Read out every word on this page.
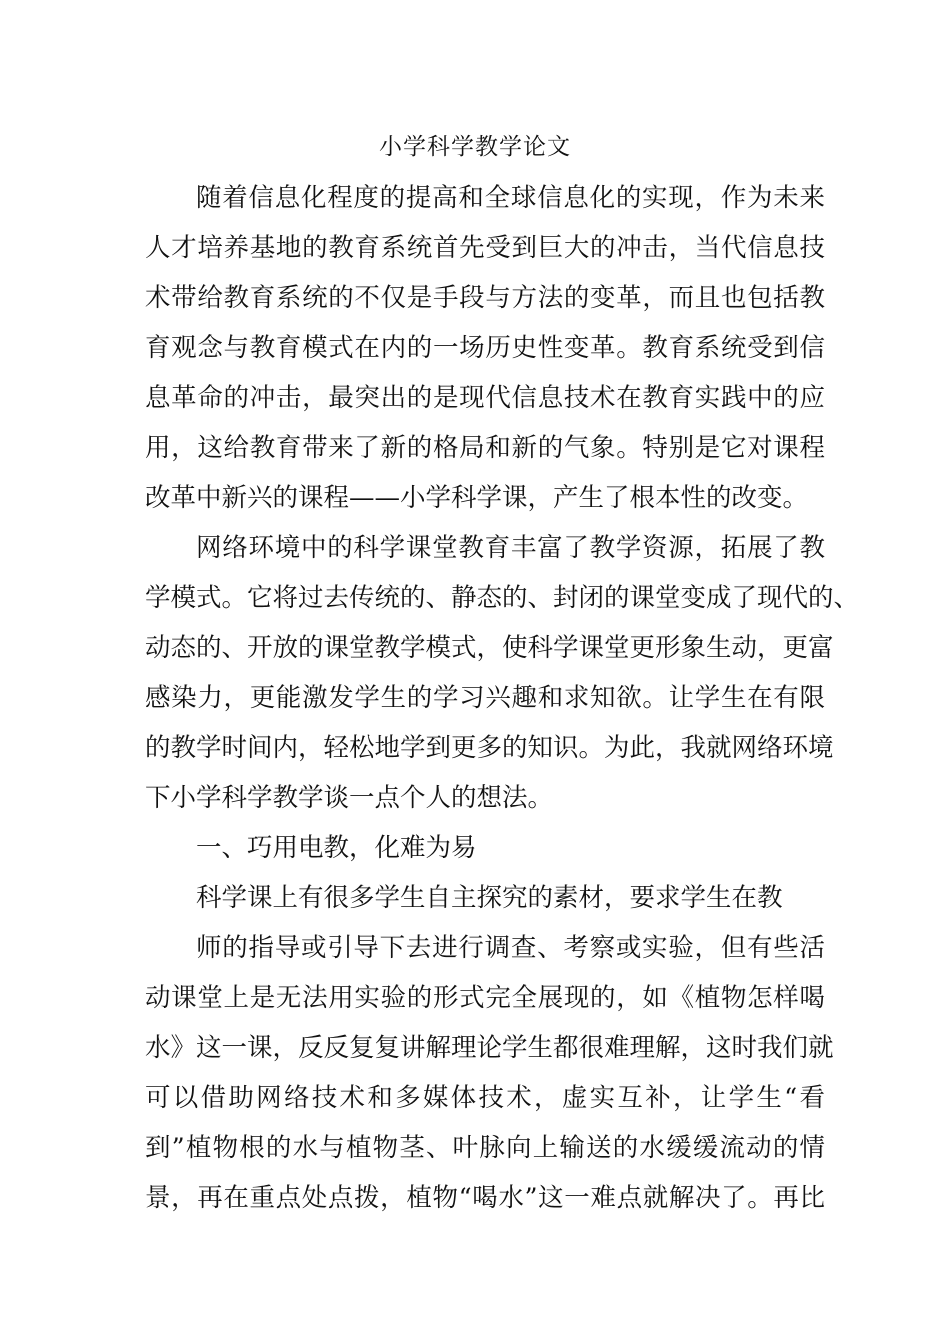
小学科学教学论文
随着信息化程度的提高和全球信息化的实现，作为未来
人才培养基地的教育系统首先受到巨大的冲击，当代信息技
术带给教育系统的不仅是手段与方法的变革，而且也包括教
育观念与教育模式在内的一场历史性变革。教育系统受到信
息革命的冲击，最突出的是现代信息技术在教育实践中的应
用，这给教育带来了新的格局和新的气象。特别是它对课程
改革中新兴的课程——小学科学课，产生了根本性的改变。
网络环境中的科学课堂教育丰富了教学资源，拓展了教
学模式。它将过去传统的、静态的、封闭的课堂变成了现代的、
动态的、开放的课堂教学模式，使科学课堂更形象生动，更富
感染力，更能激发学生的学习兴趣和求知欲。让学生在有限
的教学时间内，轻松地学到更多的知识。为此，我就网络环境
下小学科学教学谈一点个人的想法。
一、巧用电教，化难为易
科学课上有很多学生自主探究的素材，要求学生在教
师的指导或引导下去进行调查、考察或实验，但有些活
动课堂上是无法用实验的形式完全展现的，如《植物怎样喝
水》这一课，反反复复讲解理论学生都很难理解，这时我们就
可以借助网络技术和多媒体技术，虚实互补，让学生“看
到”植物根的水与植物茎、叶脉向上输送的水缓缓流动的情
景，再在重点处点拨，植物“喝水”这一难点就解决了。再比
